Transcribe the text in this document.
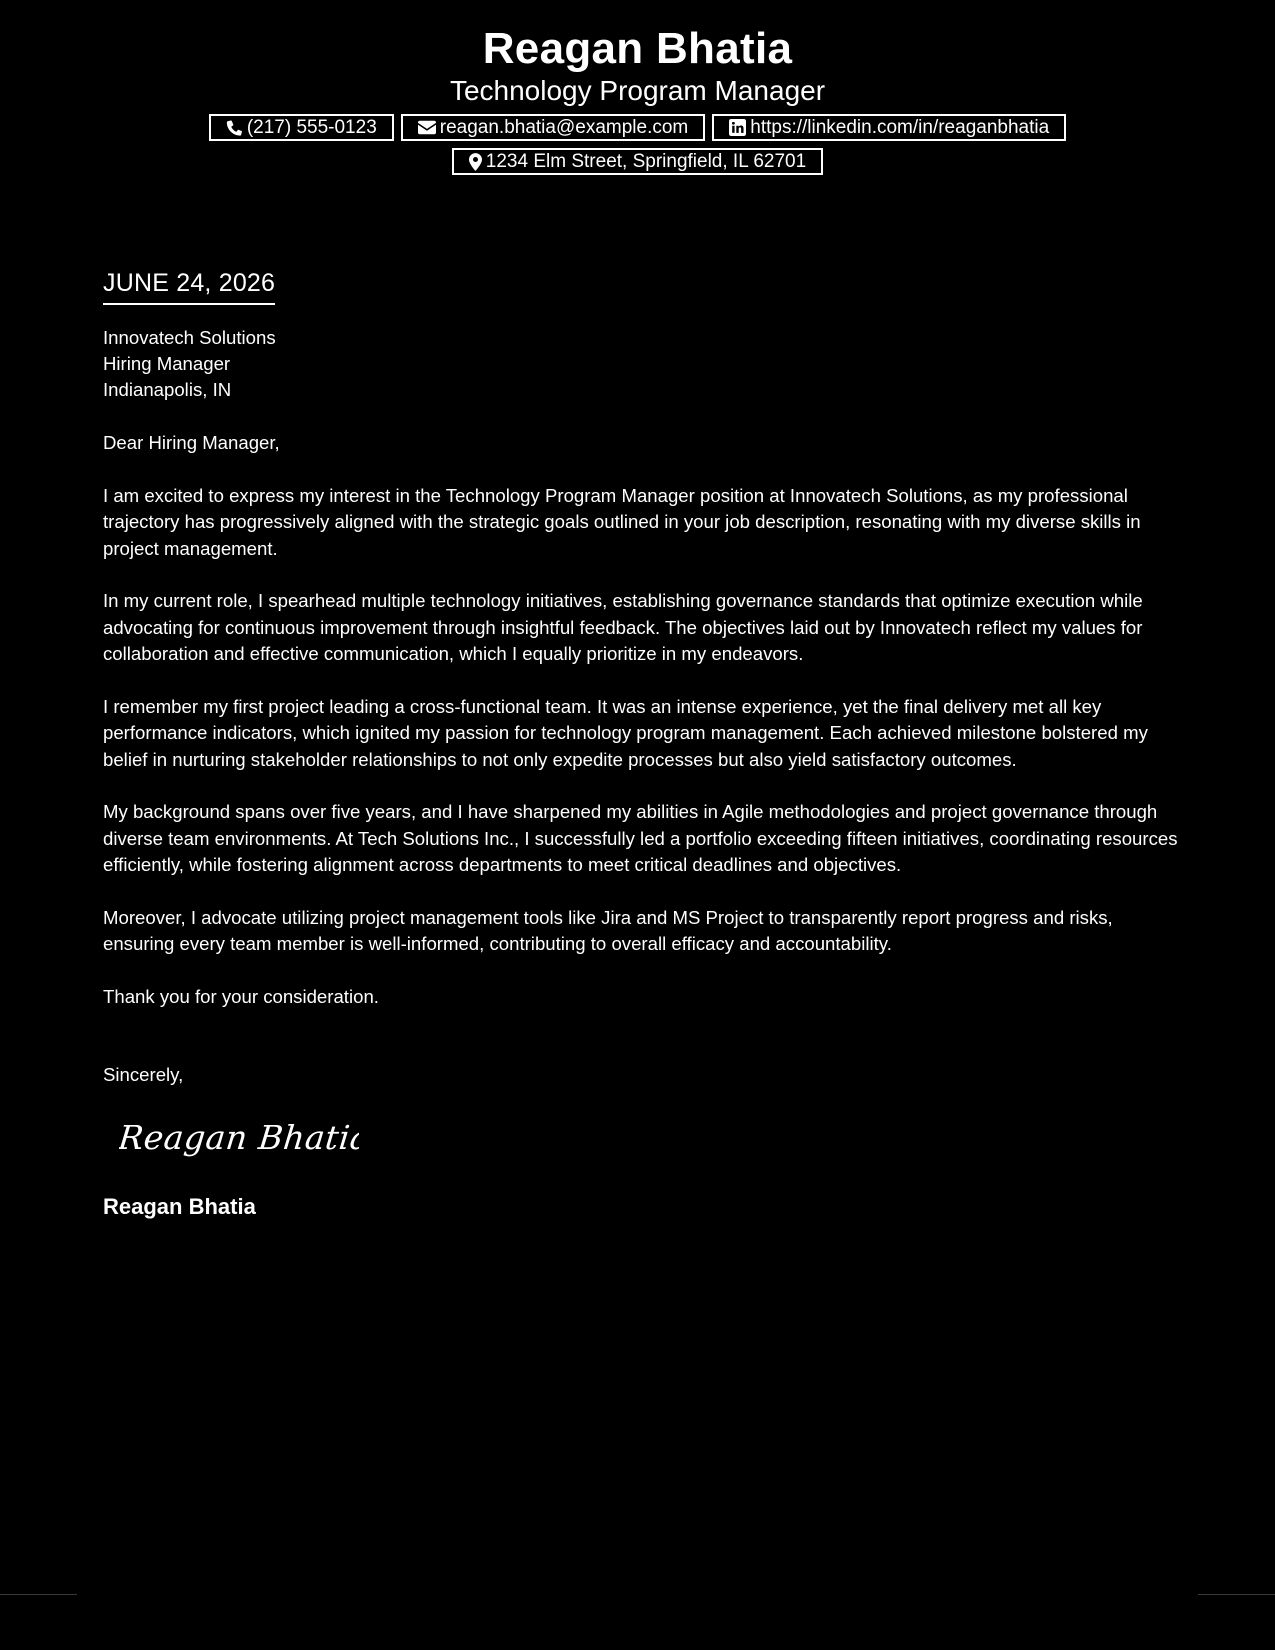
Reagan Bhatia
Technology Program Manager
(217) 555-0123	reagan.bhatia@example.com	https://linkedin.com/in/reaganbhatia
1234 Elm Street, Springfield, IL 62701
JUNE 24, 2026
Innovatech Solutions
Hiring Manager
Indianapolis, IN
Dear Hiring Manager,
I am excited to express my interest in the Technology Program Manager position at Innovatech Solutions, as my professional trajectory has progressively aligned with the strategic goals outlined in your job description, resonating with my diverse skills in project management.
In my current role, I spearhead multiple technology initiatives, establishing governance standards that optimize execution while advocating for continuous improvement through insightful feedback. The objectives laid out by Innovatech reflect my values for collaboration and effective communication, which I equally prioritize in my endeavors.
I remember my first project leading a cross-functional team. It was an intense experience, yet the final delivery met all key performance indicators, which ignited my passion for technology program management. Each achieved milestone bolstered my belief in nurturing stakeholder relationships to not only expedite processes but also yield satisfactory outcomes.
My background spans over five years, and I have sharpened my abilities in Agile methodologies and project governance through diverse team environments. At Tech Solutions Inc., I successfully led a portfolio exceeding fifteen initiatives, coordinating resources efficiently, while fostering alignment across departments to meet critical deadlines and objectives.
Moreover, I advocate utilizing project management tools like Jira and MS Project to transparently report progress and risks, ensuring every team member is well-informed, contributing to overall efficacy and accountability.
Thank you for your consideration.
Sincerely,
Reagan Bhatia
Reagan Bhatia
